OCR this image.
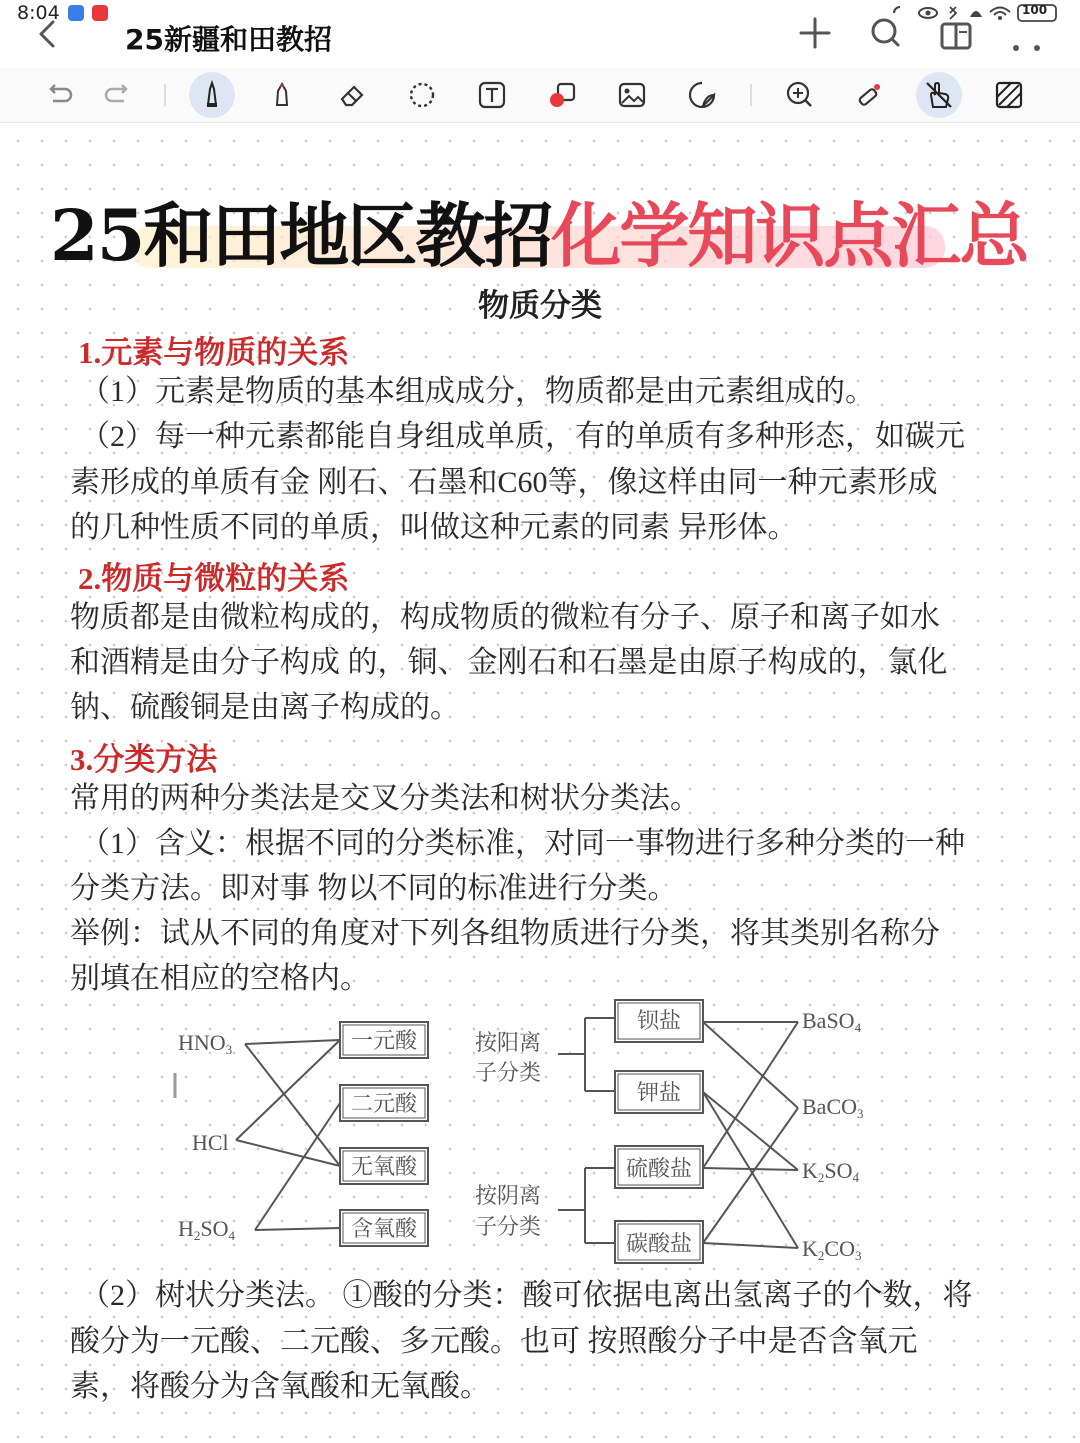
8:04
25新疆和田教招
100
25和田地区教招化学知识点汇总
物质分类
1.元素与物质的关系
（1）元素是物质的基本组成成分，物质都是由元素组成的。
（2）每一种元素都能自身组成单质，有的单质有多种形态，如碳元
素形成的单质有金 刚石、石墨和C60等，像这样由同一种元素形成
的几种性质不同的单质，叫做这种元素的同素 异形体。
2.物质与微粒的关系
物质都是由微粒构成的，构成物质的微粒有分子、原子和离子如水
和酒精是由分子构成 的，铜、金刚石和石墨是由原子构成的，氯化
钠、硫酸铜是由离子构成的。
3.分类方法
常用的两种分类法是交叉分类法和树状分类法。
（1）含义：根据不同的分类标准，对同一事物进行多种分类的一种
分类方法。即对事 物以不同的标准进行分类。
举例：试从不同的角度对下列各组物质进行分类，将其类别名称分
别填在相应的空格内。
HNO3
HCl
H2SO4
一元酸
二元酸
无氧酸
含氧酸
按阳离
子分类
按阴离
子分类
钡盐
钾盐
硫酸盐
碳酸盐
BaSO4
BaCO3
K2SO4
K2CO3
（2）树状分类法。 ①酸的分类：酸可依据电离出氢离子的个数，将
酸分为一元酸、二元酸、多元酸。也可 按照酸分子中是否含氧元
素，将酸分为含氧酸和无氧酸。
